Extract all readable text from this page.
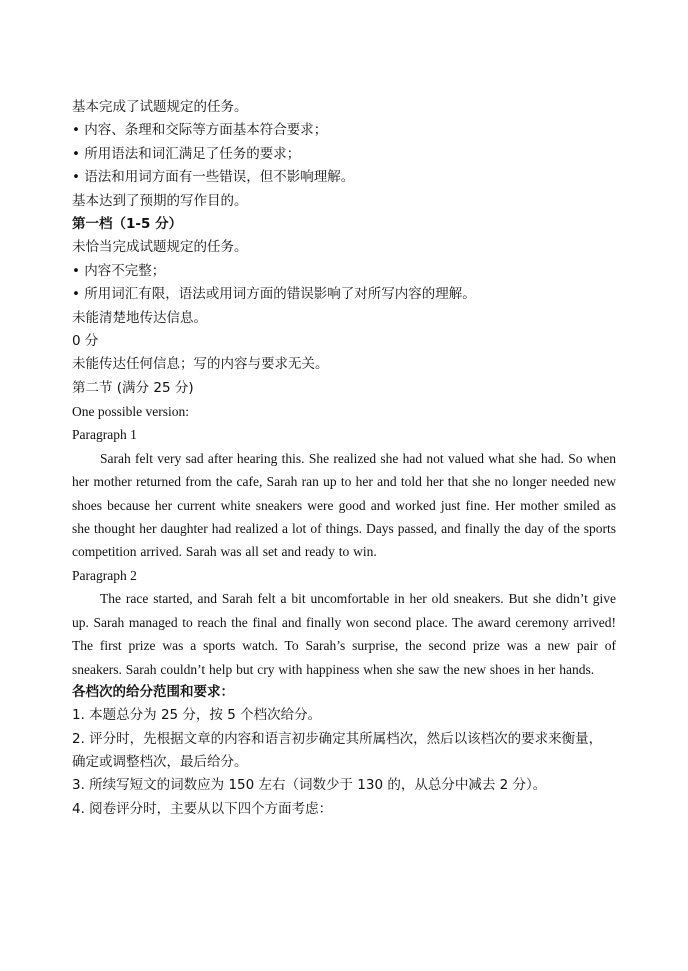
基本完成了试题规定的任务。
• 内容、条理和交际等方面基本符合要求；
• 所用语法和词汇满足了任务的要求；
• 语法和用词方面有一些错误，但不影响理解。
基本达到了预期的写作目的。
第一档（1-5 分）
未恰当完成试题规定的任务。
• 内容不完整；
• 所用词汇有限，语法或用词方面的错误影响了对所写内容的理解。
未能清楚地传达信息。
0 分
未能传达任何信息；写的内容与要求无关。
第二节 (满分 25 分)
One possible version:
Paragraph 1

Sarah felt very sad after hearing this. She realized she had not valued what she had. So when her mother returned from the cafe, Sarah ran up to her and told her that she no longer needed new shoes because her current white sneakers were good and worked just fine. Her mother smiled as she thought her daughter had realized a lot of things. Days passed, and finally the day of the sports competition arrived. Sarah was all set and ready to win.

Paragraph 2

The race started, and Sarah felt a bit uncomfortable in her old sneakers. But she didn’t give up. Sarah managed to reach the final and finally won second place. The award ceremony arrived! The first prize was a sports watch. To Sarah’s surprise, the second prize was a new pair of sneakers. Sarah couldn’t help but cry with happiness when she saw the new shoes in her hands.

各档次的给分范围和要求：
1. 本题总分为 25 分，按 5 个档次给分。
2. 评分时，先根据文章的内容和语言初步确定其所属档次，然后以该档次的要求来衡量，
确定或调整档次，最后给分。
3. 所续写短文的词数应为 150 左右（词数少于 130 的，从总分中减去 2 分）。
4. 阅卷评分时，主要从以下四个方面考虑：
